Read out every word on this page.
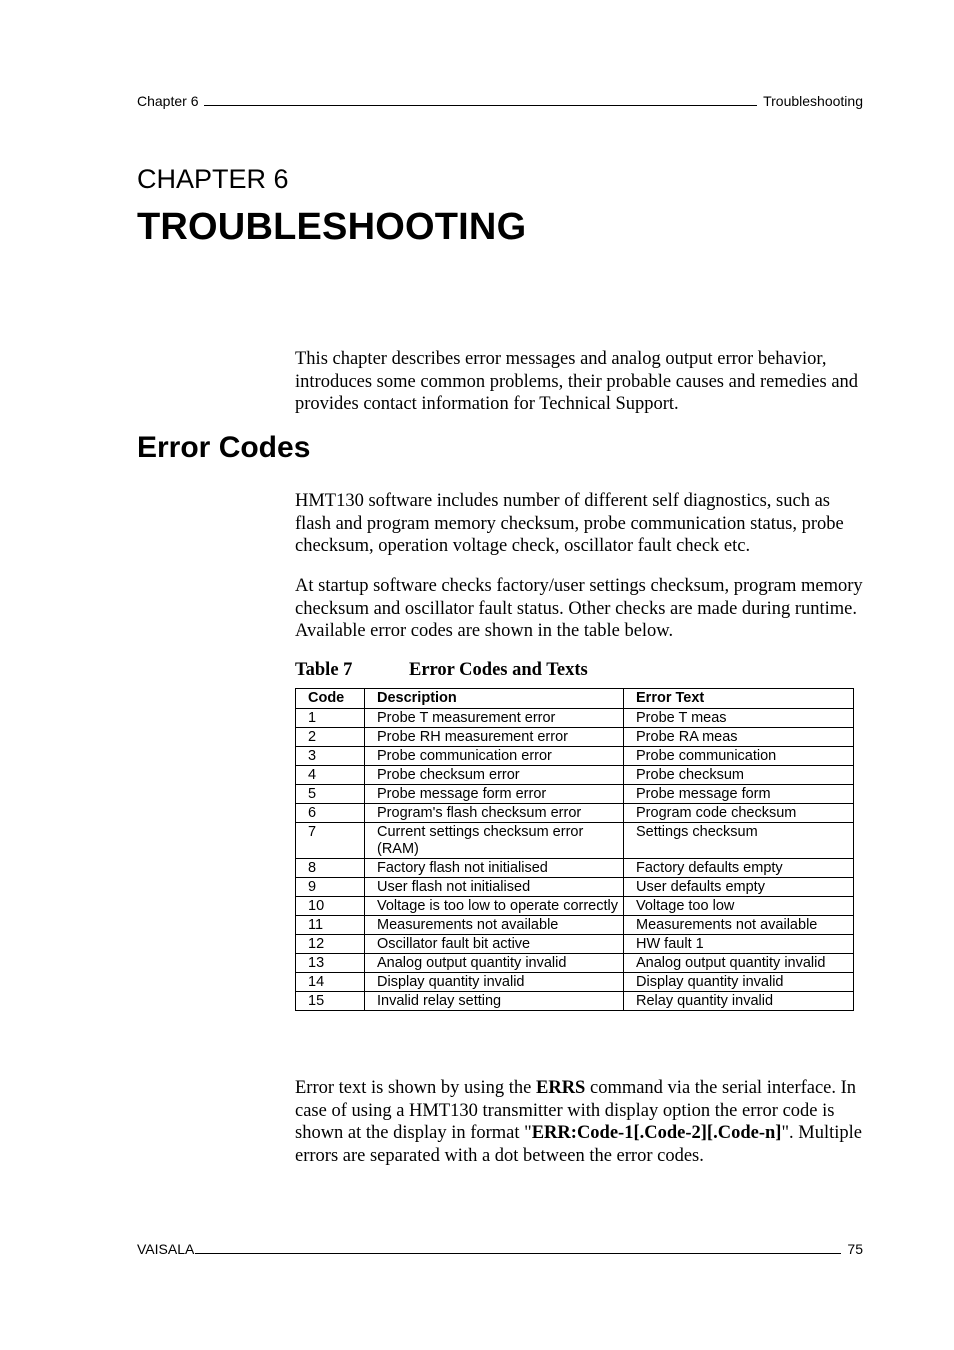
Chapter 6	Troubleshooting
CHAPTER 6
TROUBLESHOOTING

This chapter describes error messages and analog output error behavior, introduces some common problems, their probable causes and remedies and provides contact information for Technical Support.

Error Codes

HMT130 software includes number of different self diagnostics, such as flash and program memory checksum, probe communication status, probe checksum, operation voltage check, oscillator fault check etc.

At startup software checks factory/user settings checksum, program memory checksum and oscillator fault status. Other checks are made during runtime. Available error codes are shown in the table below.

Table 7	Error Codes and Texts
Code	Description	Error Text
1	Probe T measurement error	Probe T meas
2	Probe RH measurement error	Probe RA meas
3	Probe communication error	Probe communication
4	Probe checksum error	Probe checksum
5	Probe message form error	Probe message form
6	Program's flash checksum error	Program code checksum
7	Current settings checksum error (RAM)	Settings checksum
8	Factory flash not initialised	Factory defaults empty
9	User flash not initialised	User defaults empty
10	Voltage is too low to operate correctly	Voltage too low
11	Measurements not available	Measurements not available
12	Oscillator fault bit active	HW fault 1
13	Analog output quantity invalid	Analog output quantity invalid
14	Display quantity invalid	Display quantity invalid
15	Invalid relay setting	Relay quantity invalid

Error text is shown by using the ERRS command via the serial interface. In case of using a HMT130 transmitter with display option the error code is shown at the display in format "ERR:Code-1[.Code-2][.Code-n]". Multiple errors are separated with a dot between the error codes.

VAISALA	75
